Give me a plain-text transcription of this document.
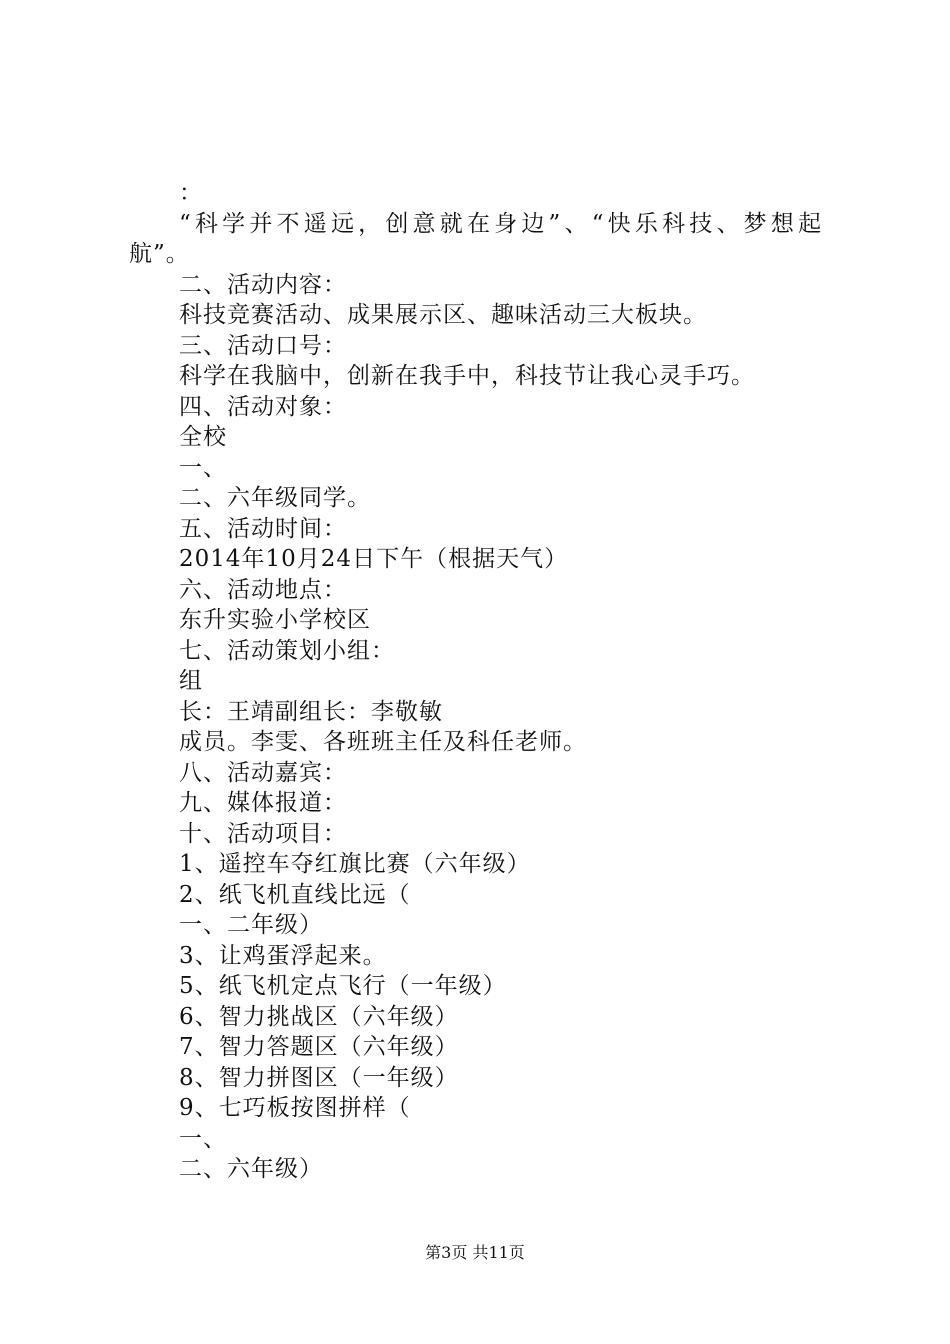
：
“科学并不遥远，创意就在身边”、“快乐科技、梦想起
航”。
二、活动内容：
科技竞赛活动、成果展示区、趣味活动三大板块。
三、活动口号：
科学在我脑中，创新在我手中，科技节让我心灵手巧。
四、活动对象：
全校
一、
二、六年级同学。
五、活动时间：
2014年10月24日下午（根据天气）
六、活动地点：
东升实验小学校区
七、活动策划小组：
组
长：王靖副组长：李敬敏
成员。李雯、各班班主任及科任老师。
八、活动嘉宾：
九、媒体报道：
十、活动项目：
1、遥控车夺红旗比赛（六年级）
2、纸飞机直线比远（
一、二年级）
3、让鸡蛋浮起来。
5、纸飞机定点飞行（一年级）
6、智力挑战区（六年级）
7、智力答题区（六年级）
8、智力拼图区（一年级）
9、七巧板按图拼样（
一、
二、六年级）
第3页 共11页
